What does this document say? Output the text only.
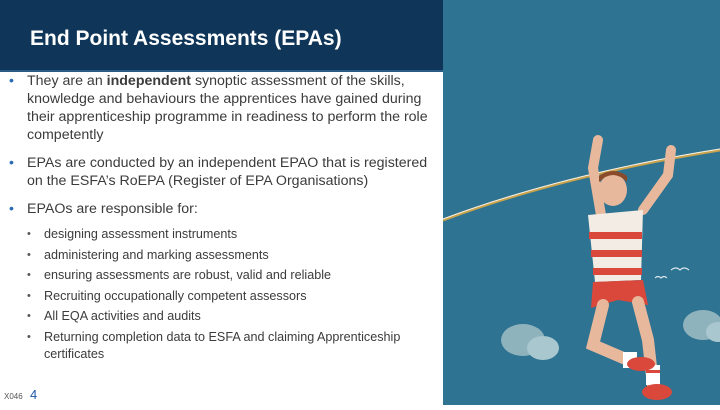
End Point Assessments (EPAs)
• They are an independent synoptic assessment of the skills, knowledge and behaviours the apprentices have gained during their apprenticeship programme in readiness to perform the role competently
• EPAs are conducted by an independent EPAO that is registered on the ESFA’s RoEPA (Register of EPA Organisations)
• EPAOs are responsible for:
• designing assessment instruments
• administering and marking assessments
• ensuring assessments are robust, valid and reliable
• Recruiting occupationally competent assessors
• All EQA activities and audits
• Returning completion data to ESFA and claiming Apprenticeship certificates
X046 4
